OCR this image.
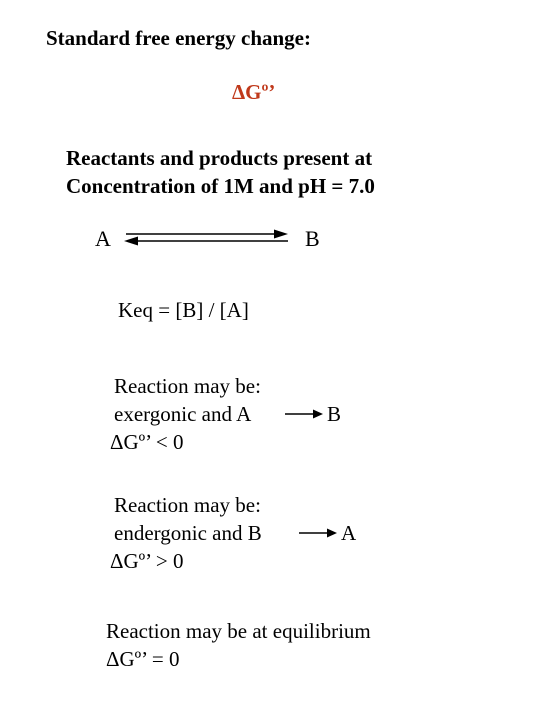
Standard free energy change:
ΔGº’
Reactants and products present at
Concentration of 1M and pH = 7.0
A	B
Keq = [B] / [A]
Reaction may be:
exergonic and A	B
ΔGº’ < 0
Reaction may be:
endergonic and B	A
ΔGº’ > 0
Reaction may be at equilibrium
ΔGº’ = 0
